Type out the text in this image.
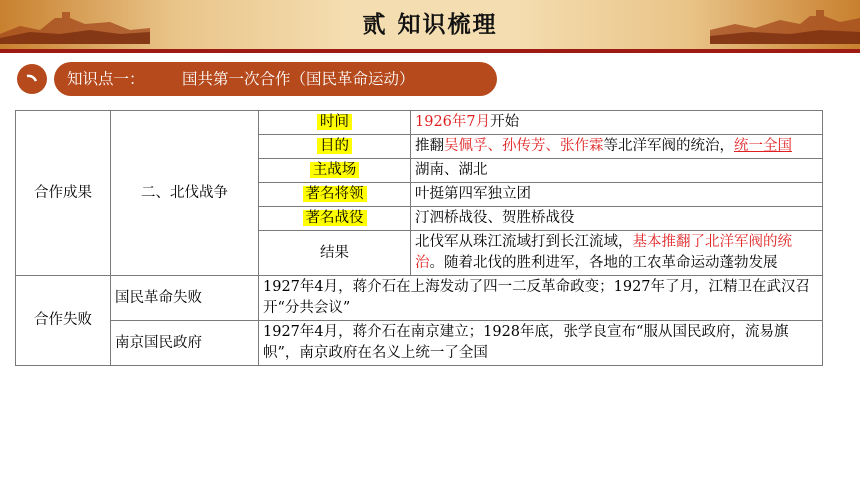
贰 知识梳理
知识点一： 国共第一次合作（国民革命运动）
合作成果	二、北伐战争	时间	1926年7月开始
		目的	推翻吴佩孚、孙传芳、张作霖等北洋军阀的统治，统一全国
		主战场	湖南、湖北
		著名将领	叶挺第四军独立团
		著名战役	汀泗桥战役、贺胜桥战役
		结果	北伐军从珠江流域打到长江流域，基本推翻了北洋军阀的统治。随着北伐的胜利进军，各地的工农革命运动蓬勃发展
合作失败	国民革命失败	1927年4月，蒋介石在上海发动了四一二反革命政变；1927年了月，江精卫在武汉召开“分共会议”	
	南京国民政府	1927年4月，蒋介石在南京建立；1928年底，张学良宣布“服从国民政府，流易旗帜”，南京政府在名义上统一了全国	
